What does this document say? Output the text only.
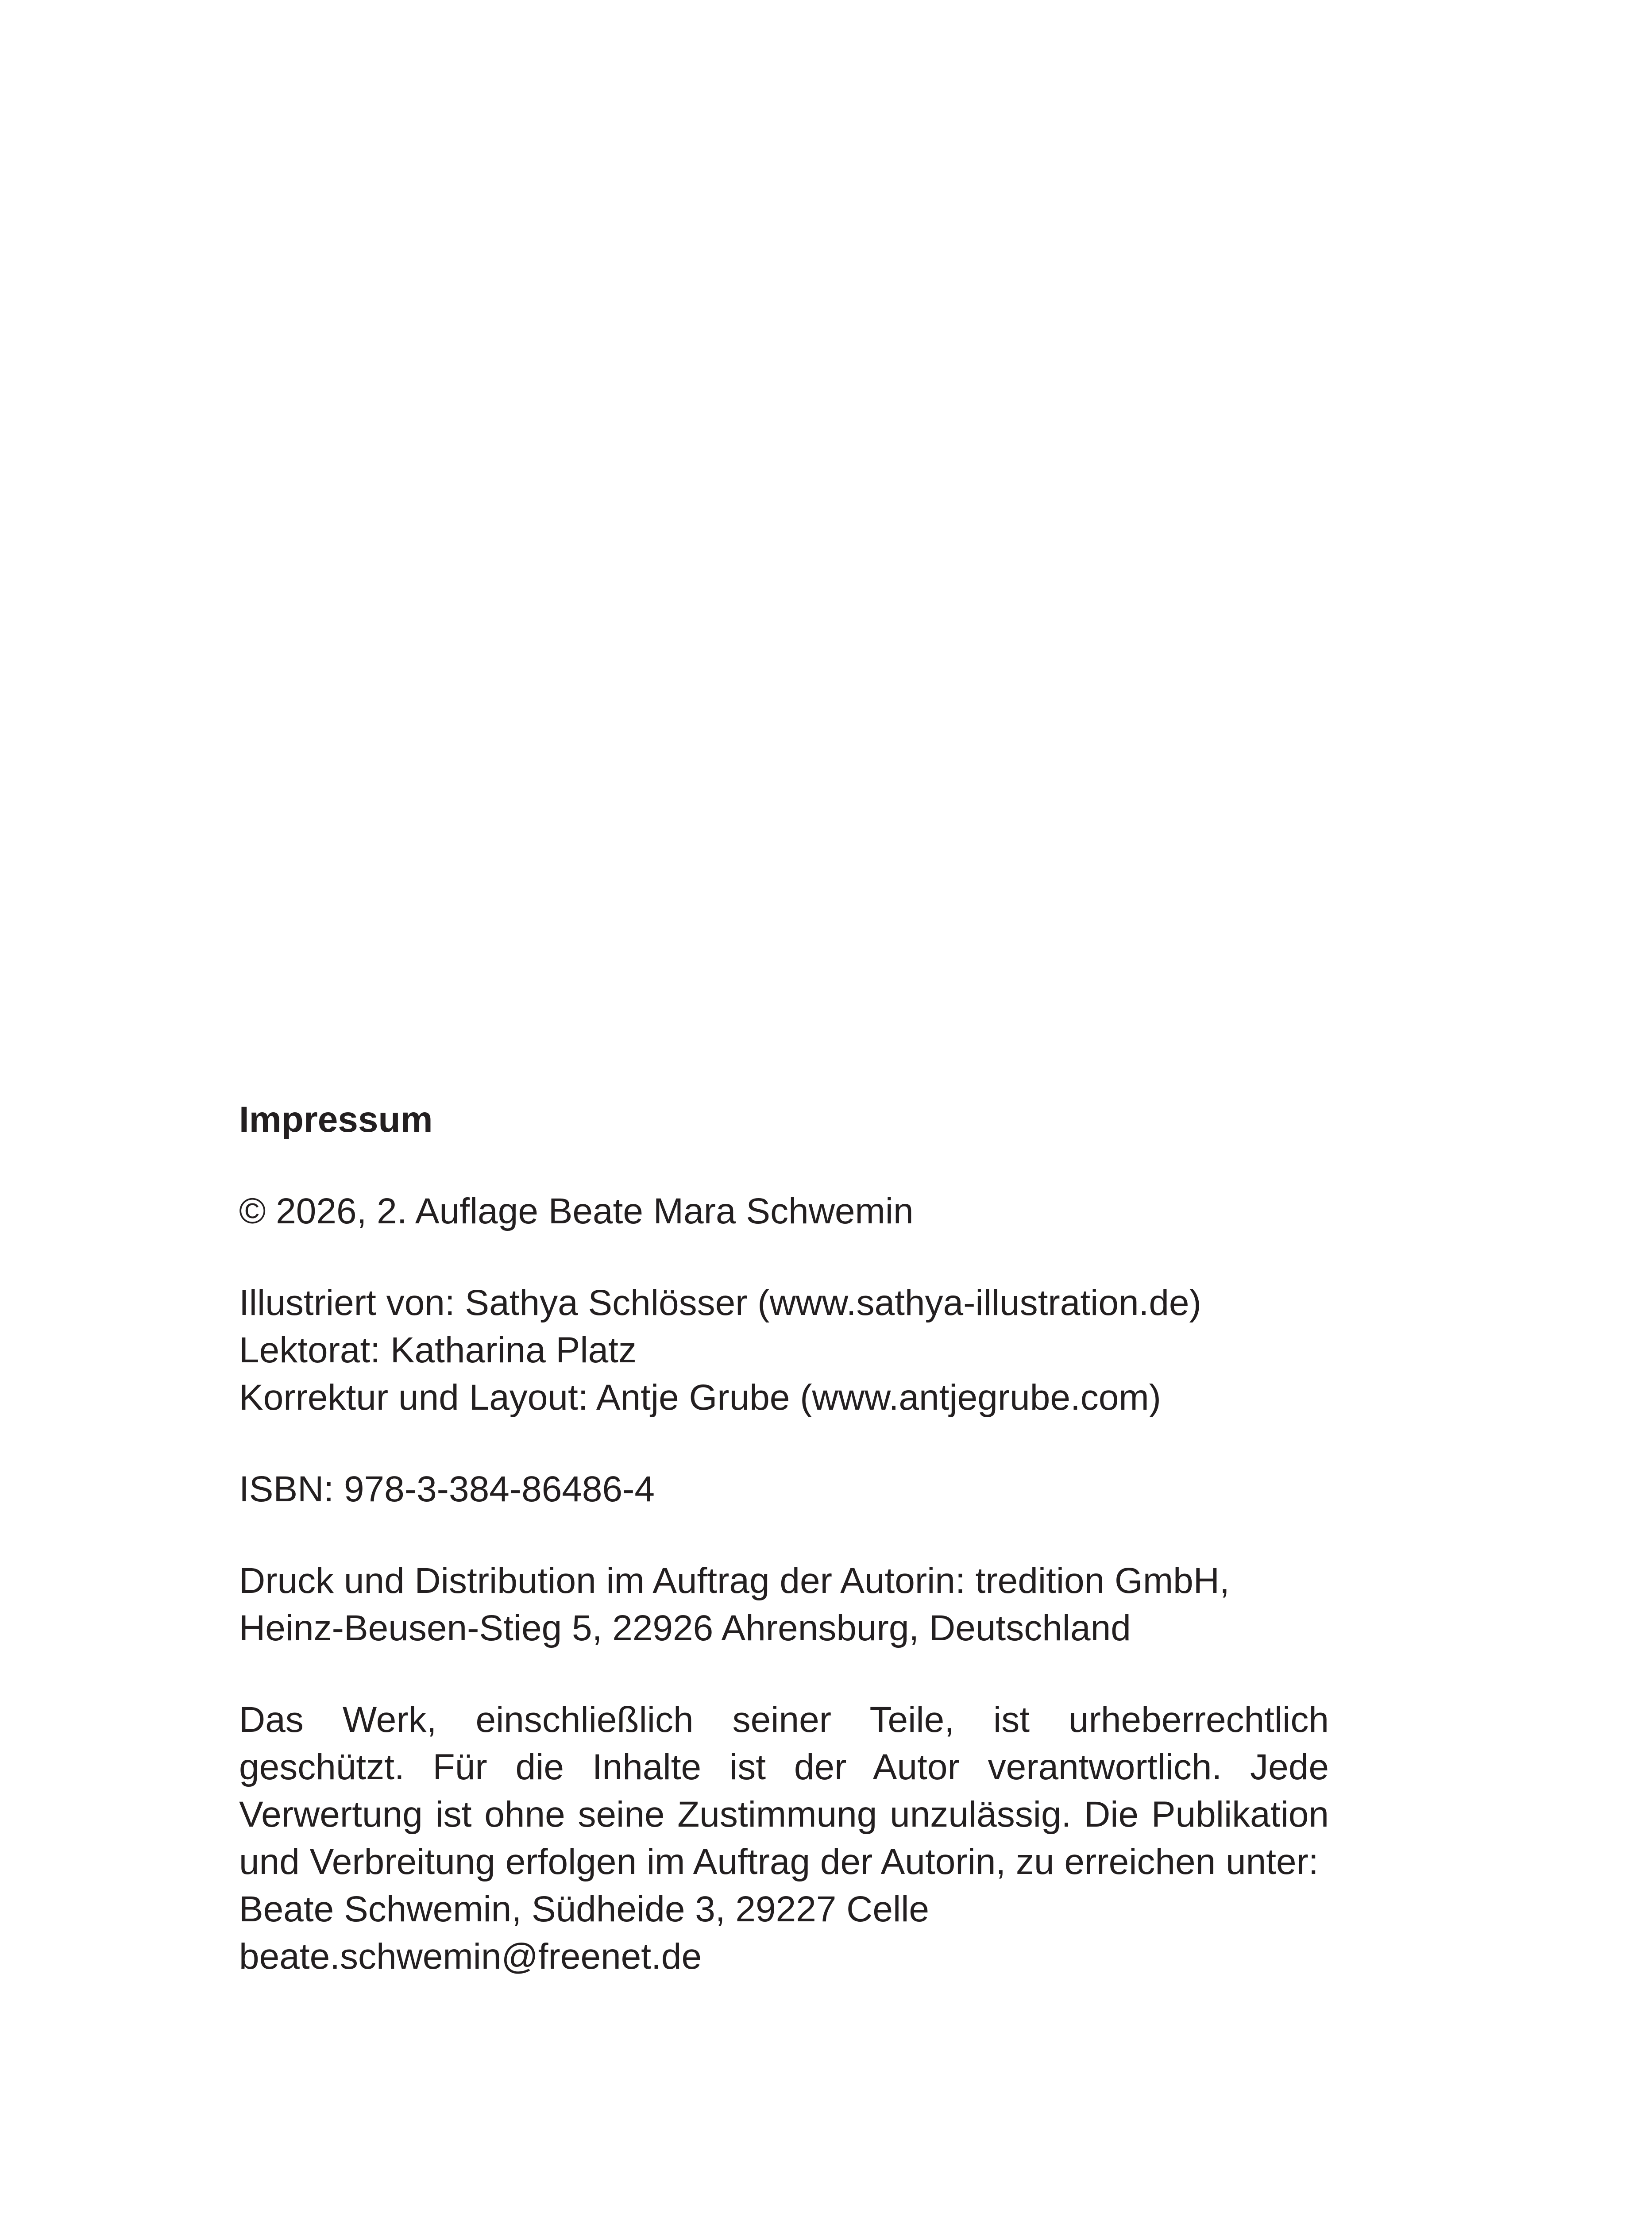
Impressum

© 2026, 2. Auflage Beate Mara Schwemin

Illustriert von: Sathya Schlösser (www.sathya-illustration.de)

Lektorat: Katharina Platz

Korrektur und Layout: Antje Grube (www.antjegrube.com)

ISBN: 978-3-384-86486-4

Druck und Distribution im Auftrag der Autorin: tredition GmbH,

Heinz-Beusen-Stieg 5, 22926 Ahrensburg, Deutschland

Das Werk, einschließlich seiner Teile, ist urheberrechtlich geschützt. Für die Inhalte ist der Autor verantwortlich. Jede Verwertung ist ohne seine Zustimmung unzulässig. Die Publikation und Verbreitung erfolgen im Auftrag der Autorin, zu erreichen unter:

Beate Schwemin, Südheide 3, 29227 Celle

beate.schwemin@freenet.de
